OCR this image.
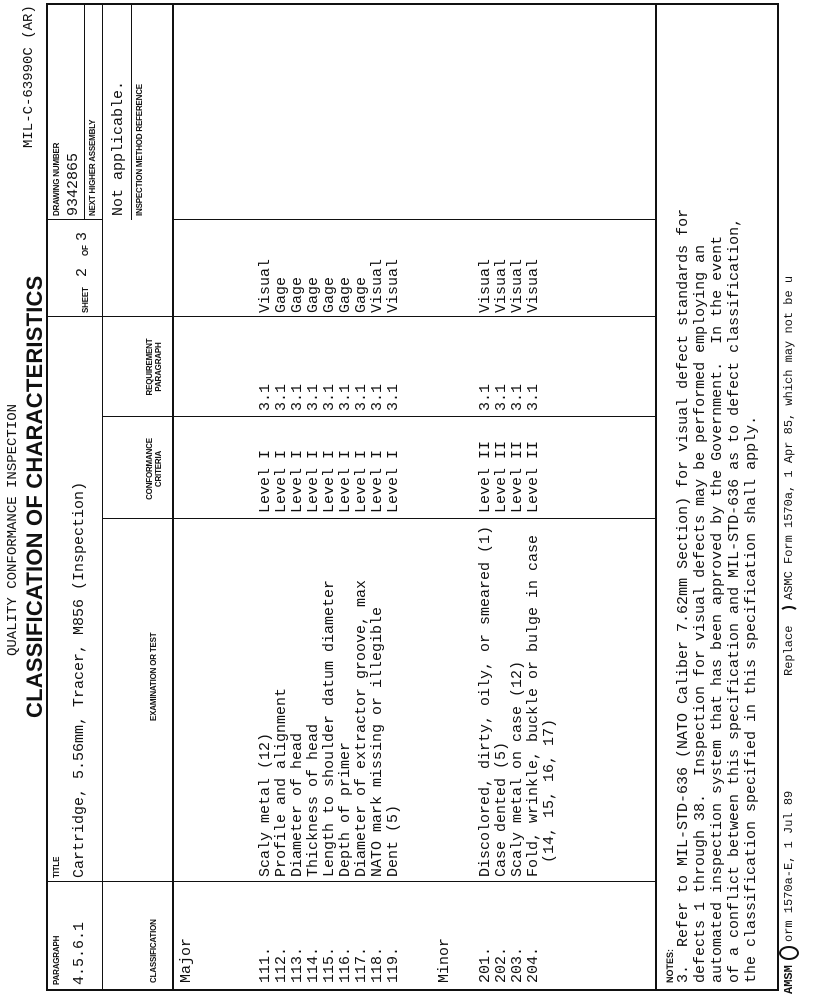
QUALITY CONFORMANCE INSPECTION CLASSIFICATION OF CHARACTERISTICS
MIL-C-63990C (AR)
PARAGRAPH 4.5.6.1
TITLE Cartridge, 5.56mm, Tracer, M856 (Inspection)
SHEET
2
OF
3
DRAWING NUMBER 9342865 NEXT HIGHER ASSEMBLY
CLASSIFICATION
EXAMINATION OR TEST
CONFORMANCE CRITERIA
REQUIREMENT PARAGRAPH
Not applicable. INSPECTION METHOD REFERENCE
Major	111.
Scaly metal (12)
Level I
3.1
Visual
112.
Profile and alignment
Level I
3.1
Gage
113.
Diameter of head
Level I
3.1
Gage
114.
Thickness of head
Level I
3.1
Gage
115.
Length to shoulder datum diameter
Level I
3.1
Gage
116.
Depth of primer
Level I
3.1
Gage
117.
Diameter of extractor groove, max
Level I
3.1
Gage
118.
NATO mark missing or illegible
Level I
3.1
Visual
119.
Dent (5)
Level I
3.1
Visual
Minor 201.
Discolored, dirty, oily, or smeared (1)
Level II
3.1
Visual
202.
Case dented (5)
Level II
3.1
Visual
203.
Scaly metal on case (12)
Level II
3.1
Visual
204.
Fold, wrinkle, buckle or bulge in case
Level II
3.1
Visual
(14, 15, 16, 17)
NOTES: 3.  Refer to MIL-STD-636 (NATO Caliber 7.62mm Section) for visual defect standards for defects 1 through 38.  Inspection for visual defects may be performed employing an automated inspection system that has been approved by the Government.  In the event of a conflict between this specification and MIL-STD-636 as to defect classification, the classification specified in this specification shall apply. AMSM
orm 1570a-E, 1 Jul 89
Replace
ASMC Form 1570a, 1 Apr 85, which may not be u
